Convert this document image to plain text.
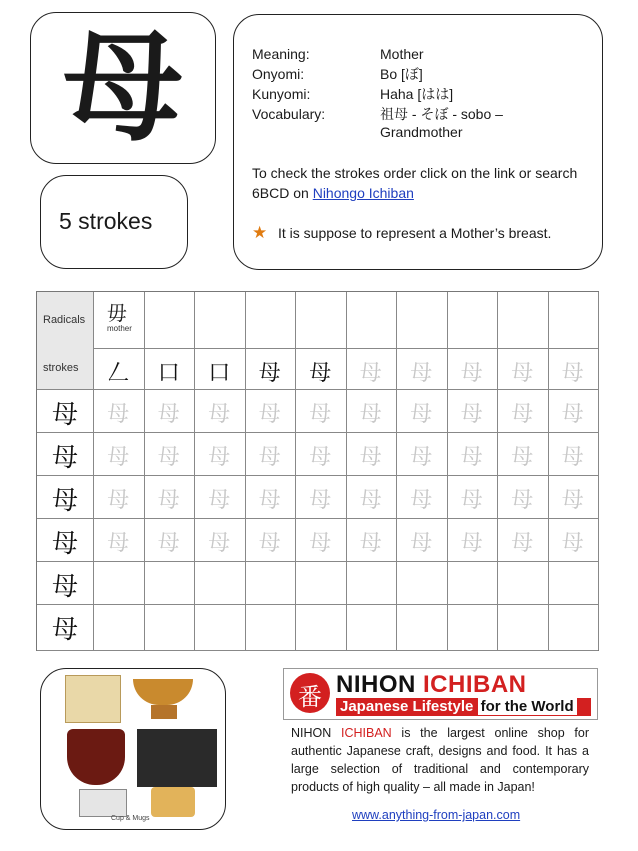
母
5 strokes
Meaning:	Mother
Onyomi:	Bo [ぼ]
Kunyomi:	Haha [はは]
Vocabulary:	祖母 - そぼ - sobo – Grandmother
To check the strokes order click on the link or search 6BCD on Nihongo Ichiban
★ It is suppose to represent a Mother’s breast.
Radicals 毋
mother
strokes	𠃋	口	口	母	母	母	母	母	母	母
母	母	母	母	母	母	母	母	母	母	母
母	母	母	母	母	母	母	母	母	母	母
母	母	母	母	母	母	母	母	母	母	母
母	母	母	母	母	母	母	母	母	母	母
母
母
Cup & Mugs
番 NIHON ICHIBAN
Japanese Lifestyle for the World
NIHON ICHIBAN is the largest online shop for authentic Japanese craft, designs and food. It has a large selection of traditional and contemporary products of high quality – all made in Japan!
www.anything-from-japan.com
